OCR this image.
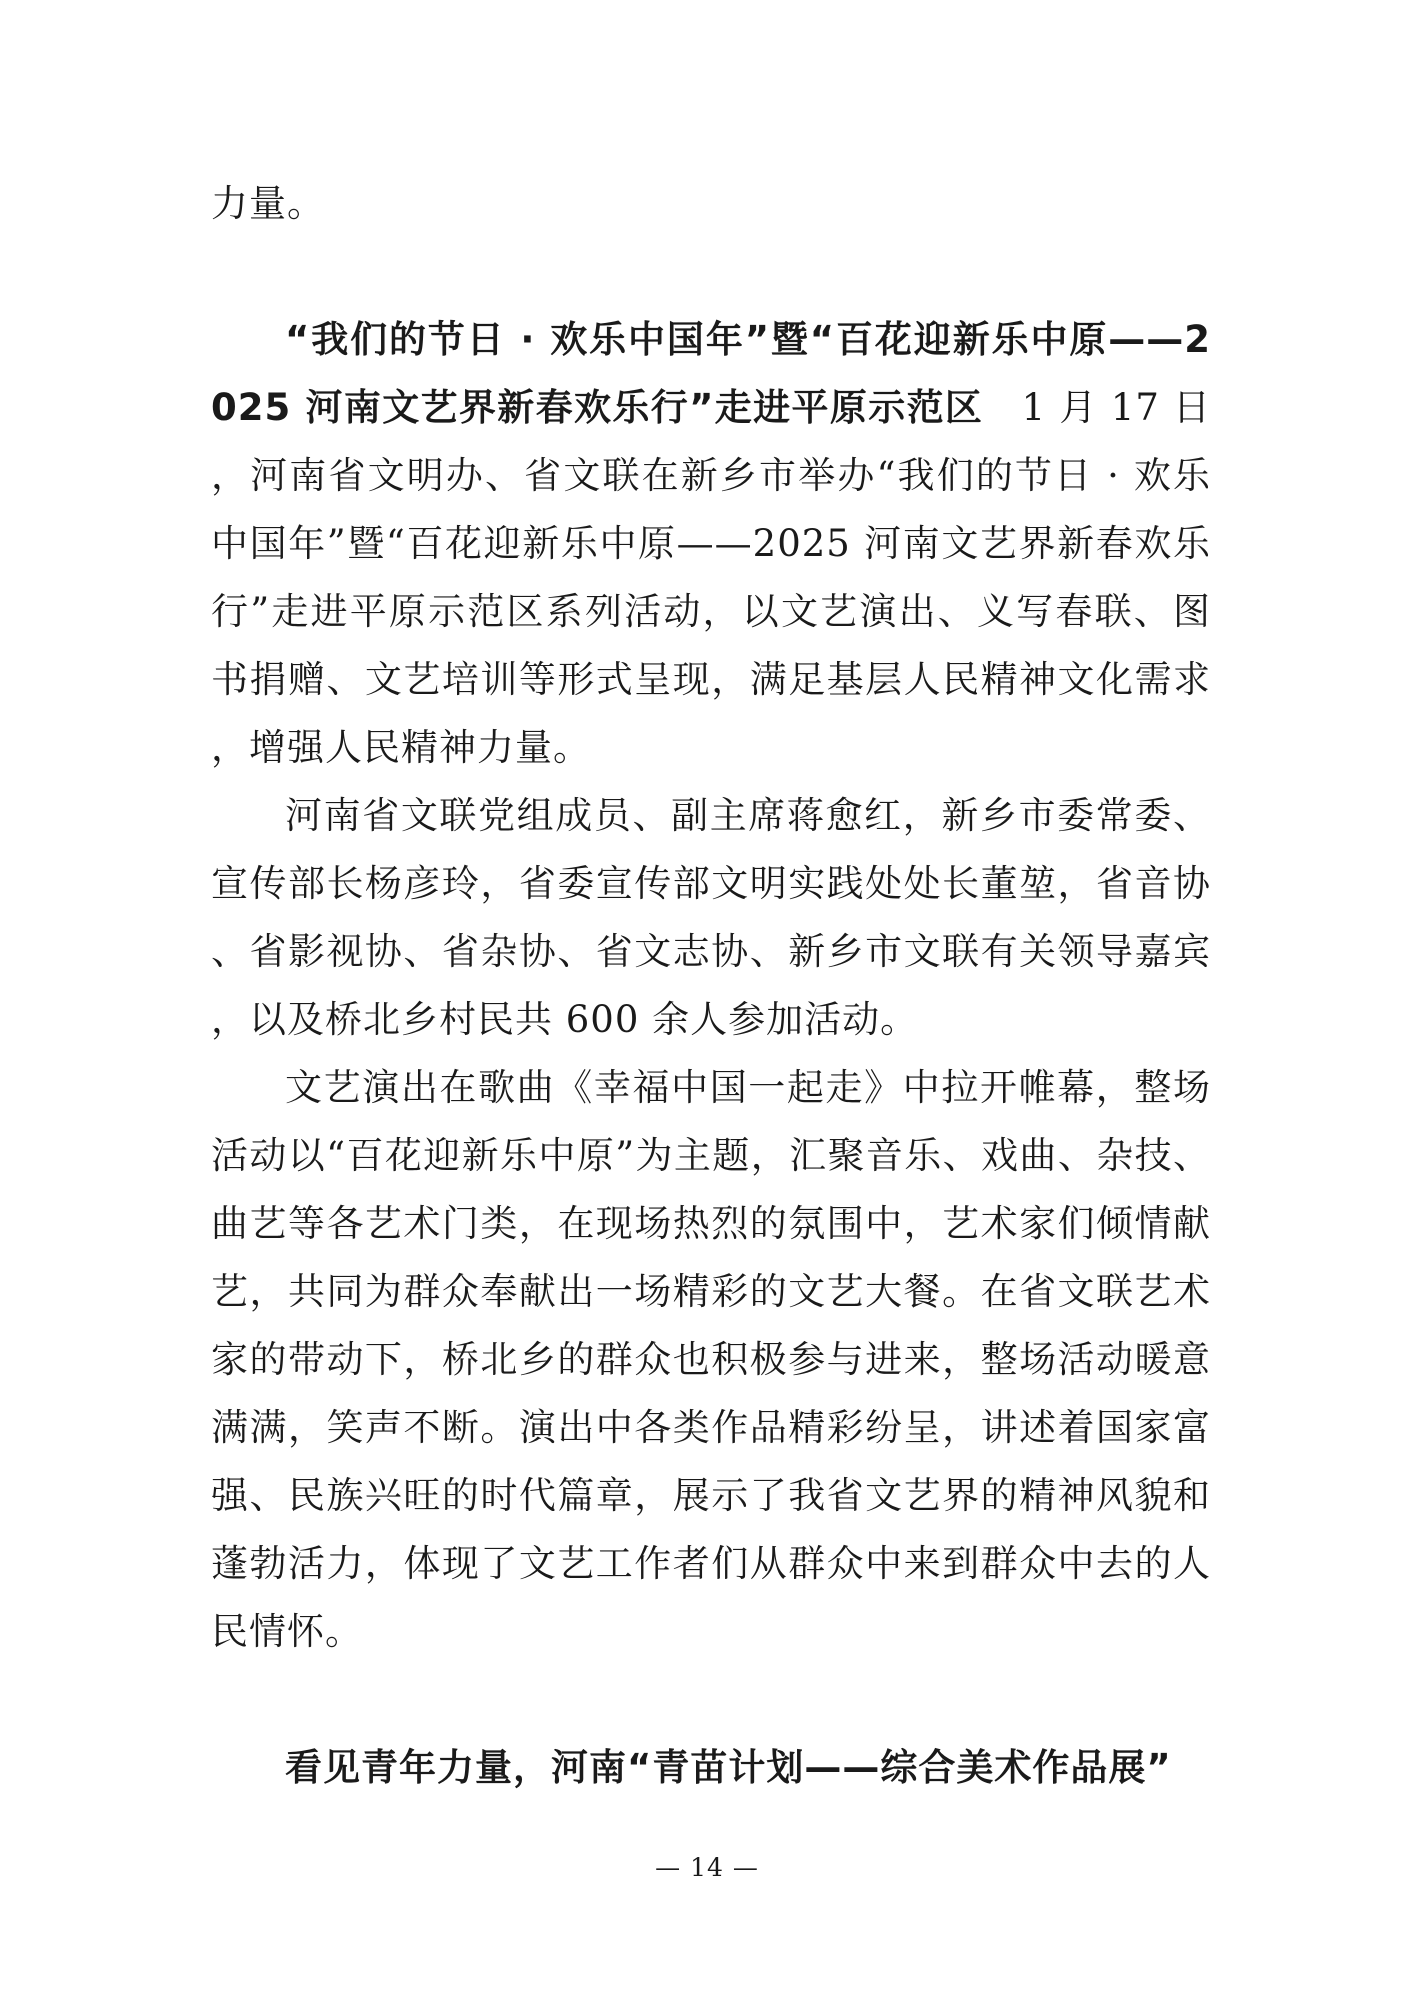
力量。

“我们的节日 · 欢乐中国年”暨“百花迎新乐中原——2025 河南文艺界新春欢乐行”走进平原示范区　 1 月 17 日，河南省文明办、省文联在新乡市举办“我们的节日 · 欢乐中国年”暨“百花迎新乐中原——2025 河南文艺界新春欢乐行”走进平原示范区系列活动，以文艺演出、义写春联、图书捐赠、文艺培训等形式呈现，满足基层人民精神文化需求，增强人民精神力量。

河南省文联党组成员、副主席蒋愈红，新乡市委常委、宣传部长杨彦玲，省委宣传部文明实践处处长董堃，省音协、省影视协、省杂协、省文志协、新乡市文联有关领导嘉宾，以及桥北乡村民共 600 余人参加活动。

文艺演出在歌曲《幸福中国一起走》中拉开帷幕，整场活动以“百花迎新乐中原”为主题，汇聚音乐、戏曲、杂技、曲艺等各艺术门类，在现场热烈的氛围中，艺术家们倾情献艺，共同为群众奉献出一场精彩的文艺大餐。在省文联艺术家的带动下，桥北乡的群众也积极参与进来，整场活动暖意满满，笑声不断。演出中各类作品精彩纷呈，讲述着国家富强、民族兴旺的时代篇章，展示了我省文艺界的精神风貌和蓬勃活力，体现了文艺工作者们从群众中来到群众中去的人民情怀。

看见青年力量，河南“青苗计划——综合美术作品展”

— 14 —
